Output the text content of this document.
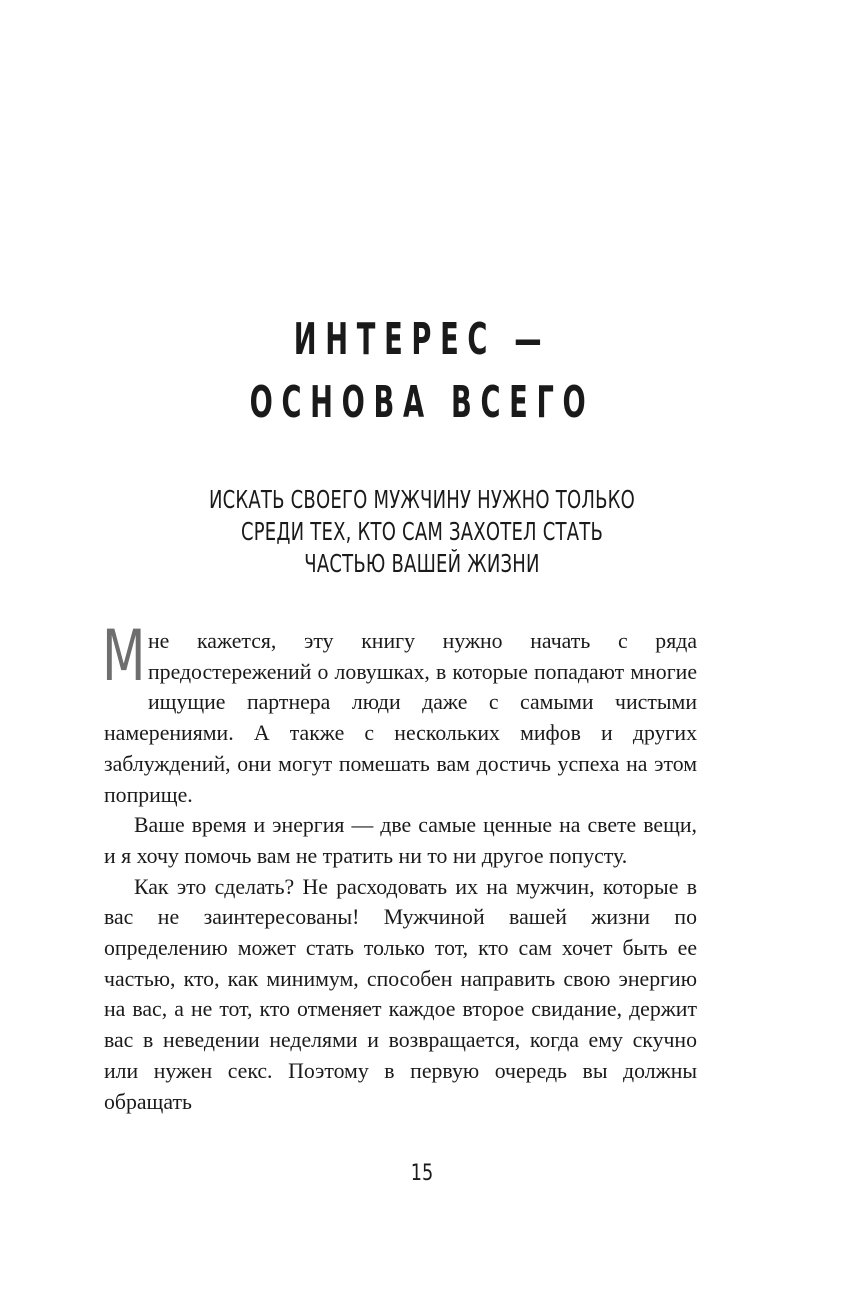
ИНТЕРЕС —
ОСНОВА ВСЕГО
ИСКАТЬ СВОЕГО МУЖЧИНУ НУЖНО ТОЛЬКО
СРЕДИ ТЕХ, КТО САМ ЗАХОТЕЛ СТАТЬ
ЧАСТЬЮ ВАШЕЙ ЖИЗНИ

Мне кажется, эту книгу нужно начать с ряда предостережений о ловушках, в которые попадают многие ищущие партнера люди даже с самыми чистыми намерениями. А также с нескольких мифов и других заблуждений, они могут помешать вам достичь успеха на этом поприще.

Ваше время и энергия — две самые ценные на свете вещи, и я хочу помочь вам не тратить ни то ни другое попусту.

Как это сделать? Не расходовать их на мужчин, которые в вас не заинтересованы! Мужчиной вашей жизни по определению может стать только тот, кто сам хочет быть ее частью, кто, как минимум, способен направить свою энергию на вас, а не тот, кто отменяет каждое второе свидание, держит вас в неведении неделями и возвращается, когда ему скучно или нужен секс. Поэтому в первую очередь вы должны обращать

15
